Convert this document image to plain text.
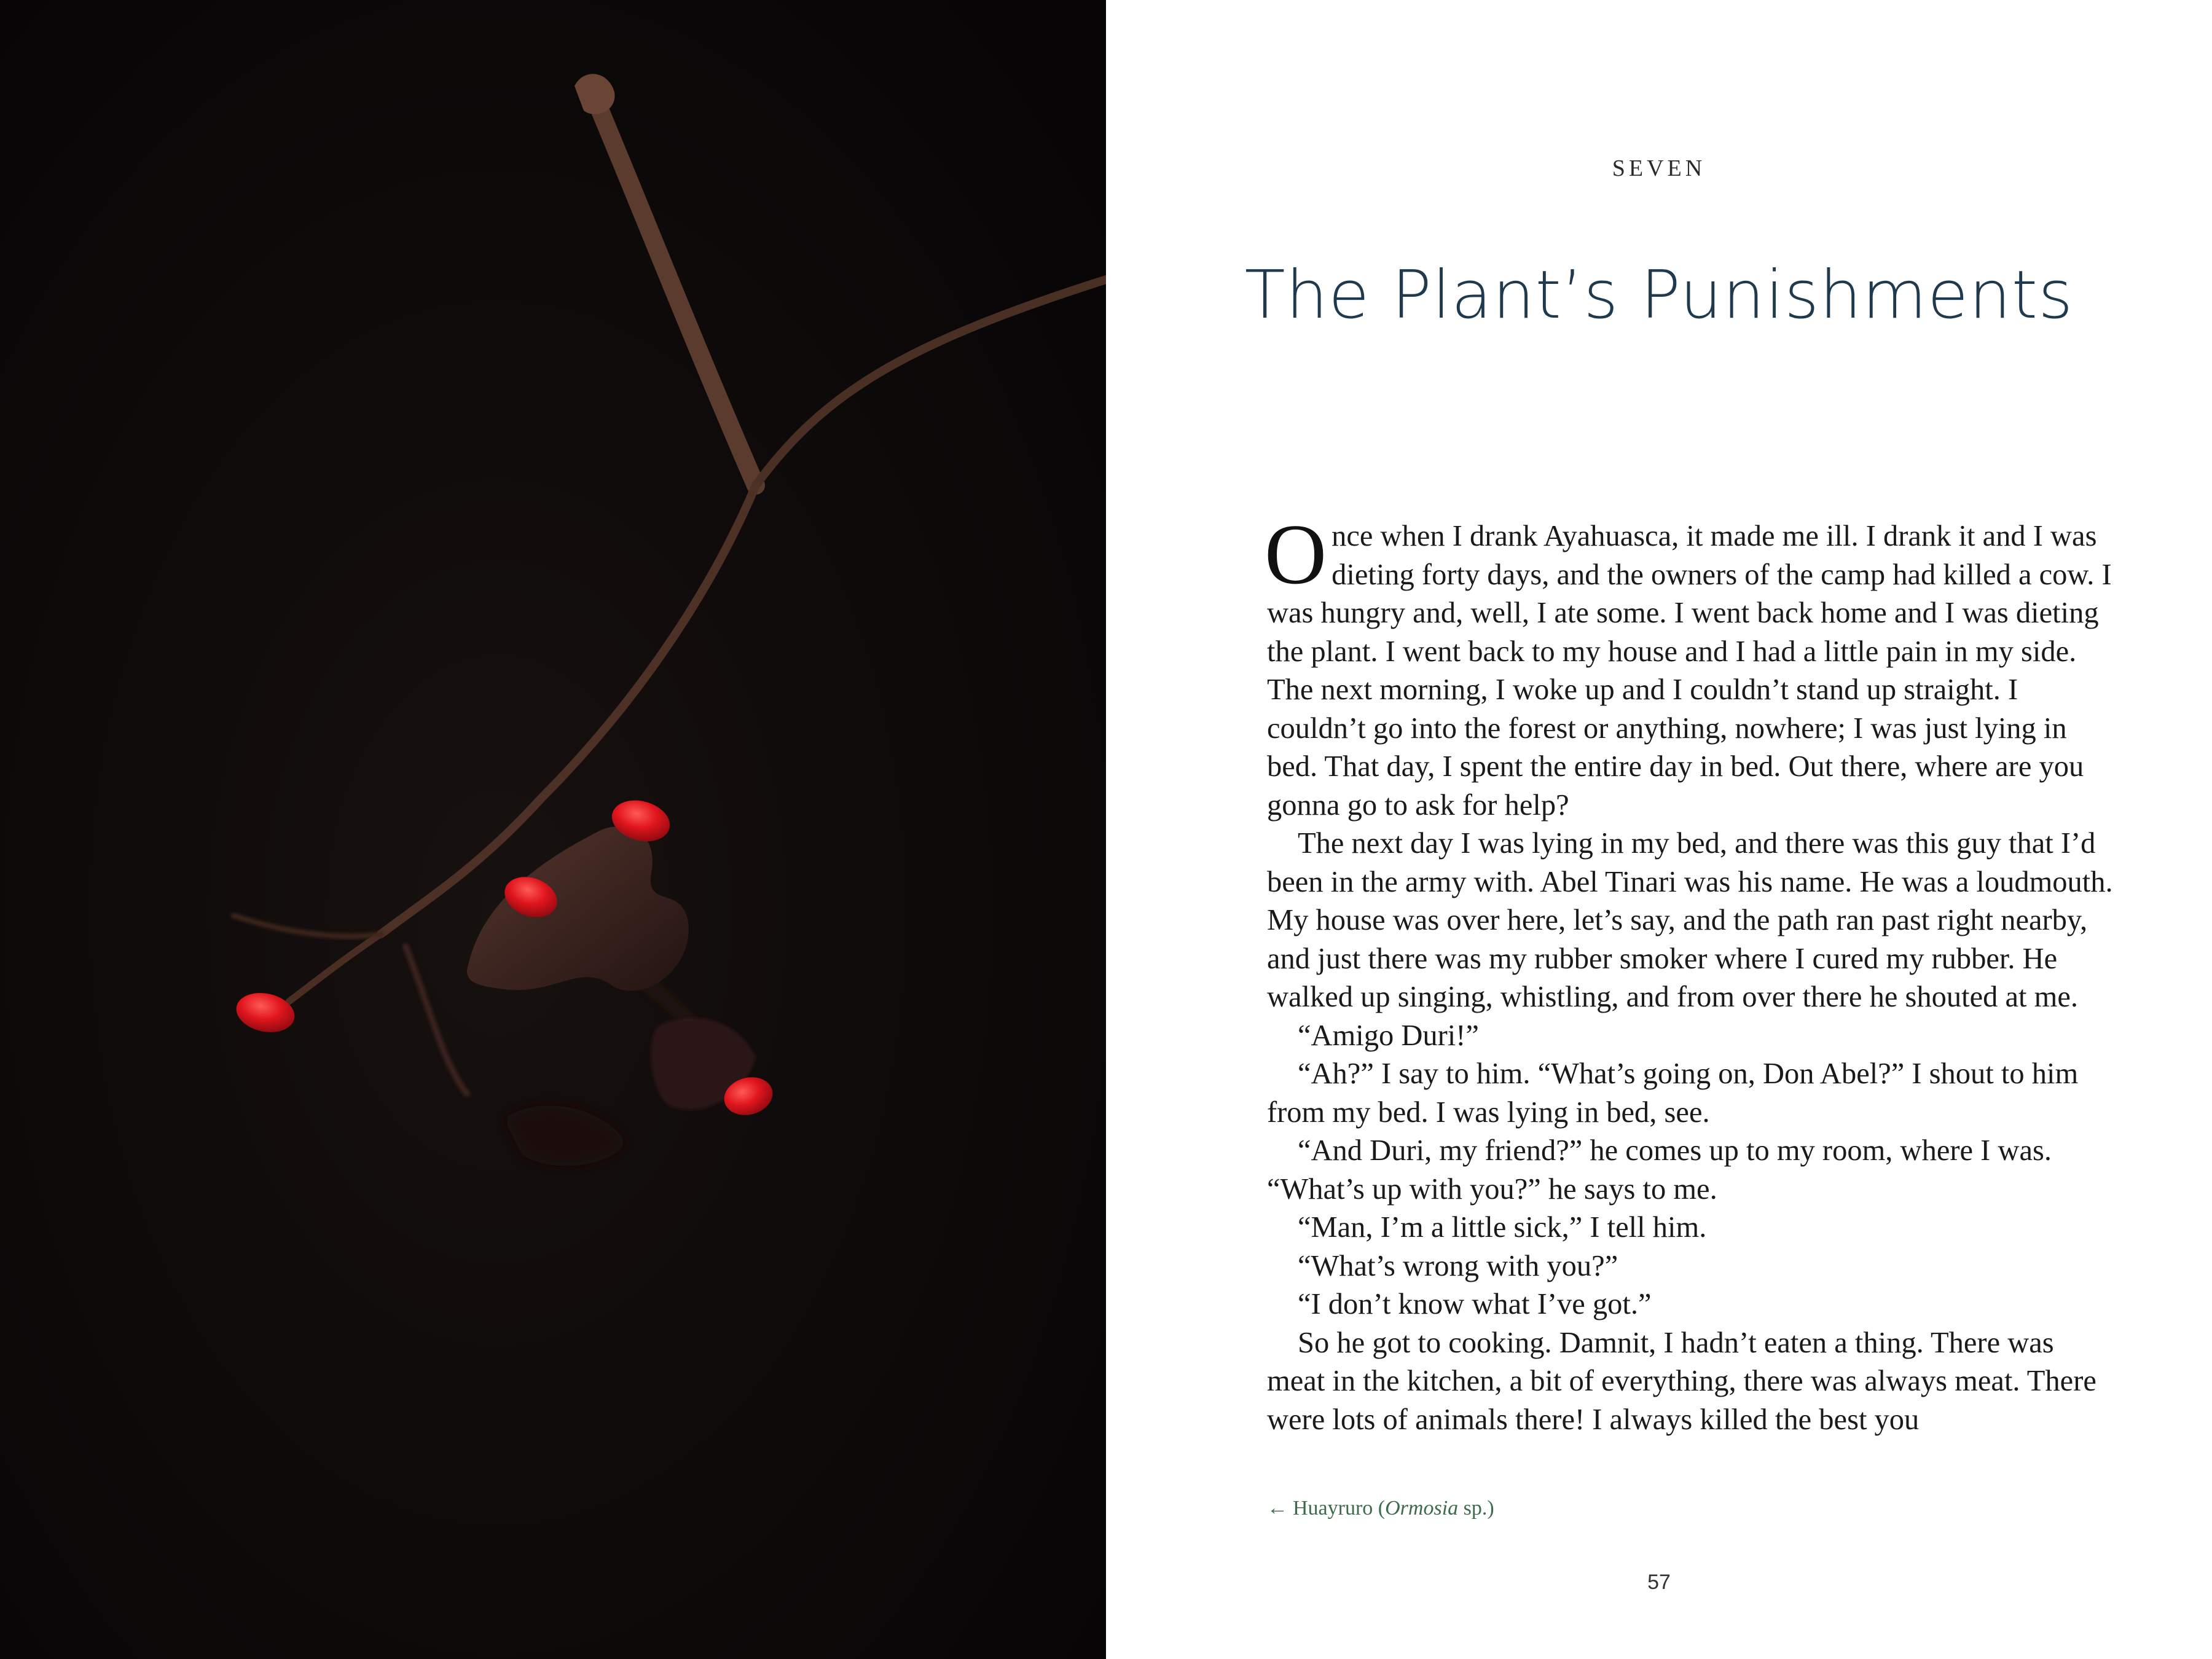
SEVEN
The Plant’s Punishments

Once when I drank Ayahuasca, it made me ill. I drank it and I was dieting forty days, and the owners of the camp had killed a cow. I was hungry and, well, I ate some. I went back home and I was dieting the plant. I went back to my house and I had a little pain in my side. The next morning, I woke up and I couldn’t stand up straight. I couldn’t go into the forest or anything, nowhere; I was just lying in bed. That day, I spent the entire day in bed. Out there, where are you gonna go to ask for help?

The next day I was lying in my bed, and there was this guy that I’d been in the army with. Abel Tinari was his name. He was a loudmouth. My house was over here, let’s say, and the path ran past right nearby, and just there was my rubber smoker where I cured my rubber. He walked up singing, whistling, and from over there he shouted at me.

“Amigo Duri!”

“Ah?” I say to him. “What’s going on, Don Abel?” I shout to him from my bed. I was lying in bed, see.

“And Duri, my friend?” he comes up to my room, where I was. “What’s up with you?” he says to me.

“Man, I’m a little sick,” I tell him.

“What’s wrong with you?”

“I don’t know what I’ve got.”

So he got to cooking. Damnit, I hadn’t eaten a thing. There was meat in the kitchen, a bit of everything, there was always meat. There were lots of animals there! I always killed the best you

← Huayruro (Ormosia sp.)
57
